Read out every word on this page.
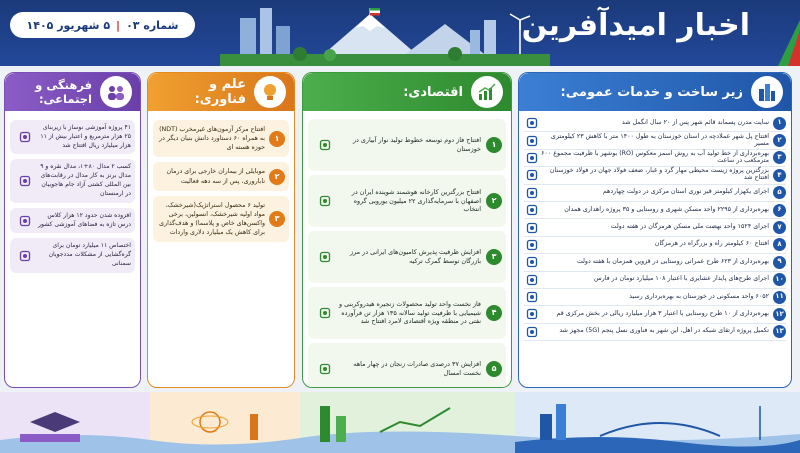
اخبار امیدآفرین
شماره ۰۳
|
۵ شهریور ۱۴۰۵
زیر ساخت و خدمات عمومی:
۱
سایت مدرن پسماند قائم شهر پس از ۲۰ سال انگمل شد
۲
افتتاح پل شهر عملادچه در استان خوزستان به طول ۱۴۰۰ متر با کاهش ۲۳ کیلومتری مسیر
۳
بهره‌برداری از خط تولید آب به روش اسمز معکوس (RO) بوشهر با ظرفیت مجموع ۶۰۰ مترمکعب در ساعت
۴
بزرگترین پروژه زیست محیطی مهار گرد و غبار، ضعف فولاد جهان در فولاد خوزستان افتتاح شد
۵
اجرای یکهزار کیلومتر قیر نوری استان مرکزی در دولت چهاردهم
۶
بهره‌برداری از ۲۲۹۵ واحد مسکن شهری و روستایی و ۳۵ پروژه راهداری همدان
۷
اجرای ۱۵۲۴ واحد نهضت ملی مسکن هرمزگان در هفته دولت
۸
افتتاح ۶۰ کیلومتر راه و بزرگراه در هرمزگان
۹
بهره‌برداری از ۶۲۳ طرح عمرانی روستایی در قزوین همزمان با هفته دولت
۱۰
اجرای طرح‌های پایدار عشایری با اعتبار ۱۰۸ میلیارد تومان در فارس
۱۱
۶۰۵۲ واحد مسکونی در خوزستان به بهره‌برداری رسید
۱۲
بهره‌برداری از ۱۰ طرح روستایی با اعتبار ۳ هزار میلیارد ریالی در بخش مرکزی قم
۱۳
تکمیل پروژه ارتقای شبکه در اهل، این شهر به فناوری نسل پنجم (5G) مجهز شد
اقتصادی:
۱
افتتاح فاز دوم توسعه خطوط تولید نوار آبیاری در خوزستان
۲
افتتاح بزرگترین کارخانه هوشمند شوینده ایران در اصفهان با سرمایه‌گذاری ۲۲ میلیون یورویی گروه انتخاب
۳
افزایش ظرفیت پذیرش کامیون‌های ایرانی در مرز بازرگان توسط گمرک ترکیه
۴
فاز نخست واحد تولید محصولات زنجیره هیدروکربنی و شیمیایی با ظرفیت تولید سالانه ۱۳۵ هزار تن فرآورده نفتی در منطقه ویژه اقتصادی لامرد افتتاح شد
۵
افزایش ۳۷ درصدی صادرات زنجان در چهار ماهه نخست امسال
علم و فناوری:
۱
افتتاح مرکز آزمون‌های غیرمخرب (NDT) به همراه ۶۰ دستاورد دانش بنیان دیگر در حوزه هسته ای
۲
موبایلی از بیماران خارجی برای درمان ناباروری، پس از سه دهه فعالیت
۳
تولید ۶ محصول استراتژیک(شیرخشک، مواد اولیه شیرخشک، انسولین، برخی واکسن‌های خاص و پلاسما) و هدف‌گذاری برای کاهش یک میلیارد دلاری واردات
فرهنگی و اجتماعی:
۴۱ پروژه آموزشی نوساز با زیربنای ۲۵ هزار مترمربع و اعتبار بیش از ۱۱ هزار میلیارد ریال افتتاح شد
کسب ۲ مدال ۸۰+۱، مدال نقره و ۹ مدال برنز به کار مدال در رقابت‌های بین المللی کشتی آزاد جام هاجوبیان در ارمنستان
افزوده شدن حدود ۱۲ هزار کلاس درس تازه به فضاهای آموزشی کشور
اختصاص ۱۱ میلیارد تومان برای گره‌گشایی از مشکلات مددجویان سمنانی
